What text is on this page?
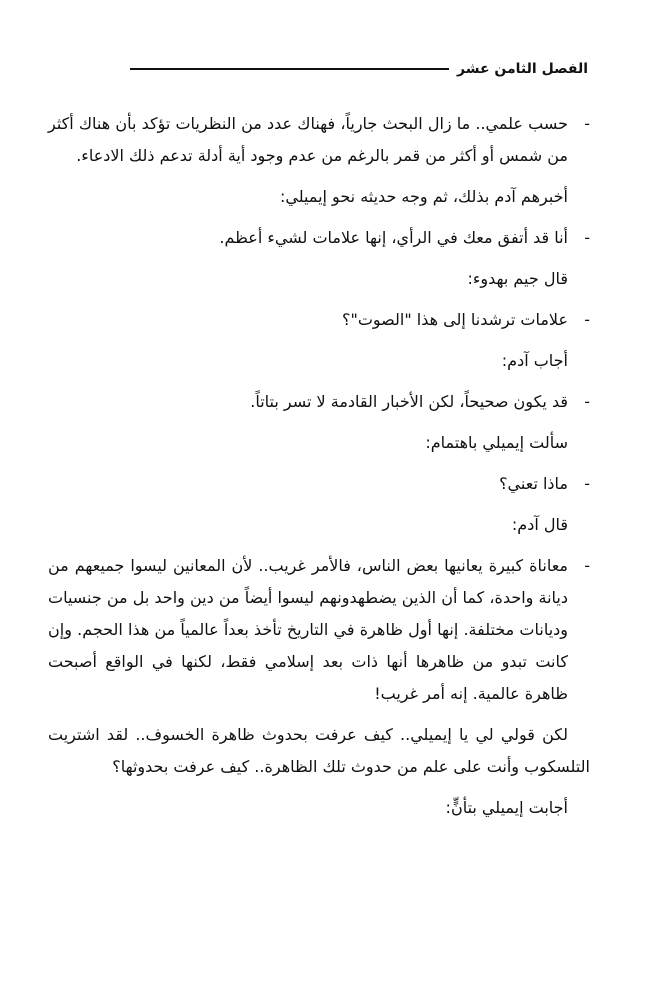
الفصل الثامن عشر
-
حسب علمي.. ما زال البحث جارياً، فهناك عدد من النظريات تؤكد بأن هناك أكثر من شمس أو أكثر من قمر بالرغم من عدم وجود أية أدلة تدعم ذلك الادعاء.

أخبرهم آدم بذلك، ثم وجه حديثه نحو إيميلي:

-
أنا قد أتفق معك في الرأي، إنها علامات لشيء أعظم.

قال جيم بهدوء:

-
علامات ترشدنا إلى هذا "الصوت"؟

أجاب آدم:

-
قد يكون صحيحاً، لكن الأخبار القادمة لا تسر بتاتاً.

سألت إيميلي باهتمام:

-
ماذا تعني؟

قال آدم:

-
معاناة كبيرة يعانيها بعض الناس، فالأمر غريب.. لأن المعانين ليسوا جميعهم من ديانة واحدة، كما أن الذين يضطهدونهم ليسوا أيضاً من دين واحد بل من جنسيات وديانات مختلفة. إنها أول ظاهرة في التاريخ تأخذ بعداً عالمياً من هذا الحجم. وإن كانت تبدو من ظاهرها أنها ذات بعد إسلامي فقط، لكنها في الواقع أصبحت ظاهرة عالمية. إنه أمر غريب!

لكن قولي لي يا إيميلي.. كيف عرفت بحدوث ظاهرة الخسوف.. لقد اشتريت التلسكوب وأنت على علم من حدوث تلك الظاهرة.. كيف عرفت بحدوثها؟

أجابت إيميلي بتأنٍّ:
